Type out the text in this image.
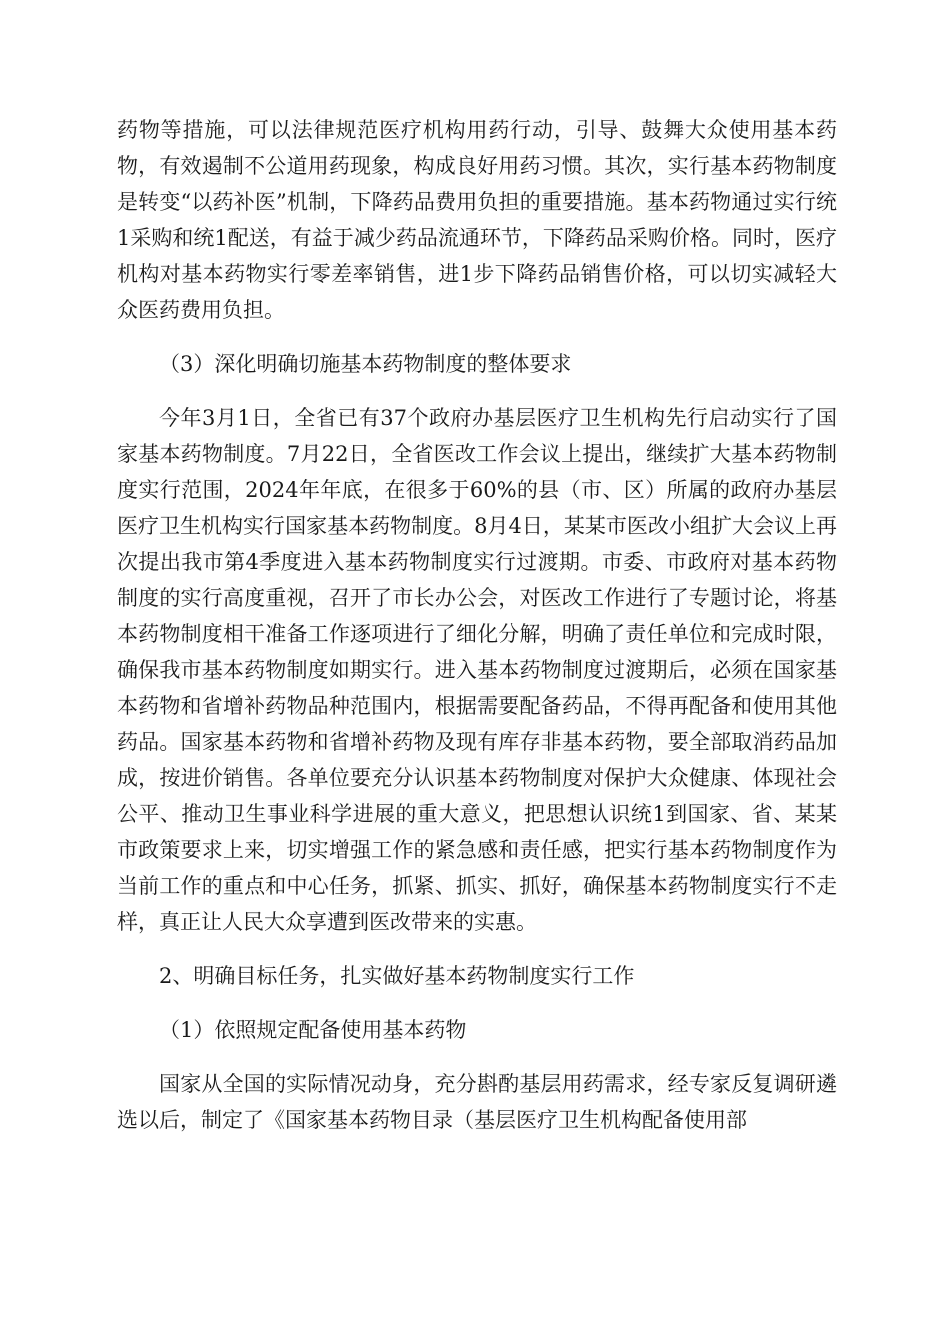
药物等措施，可以法律规范医疗机构用药行动，引导、鼓舞大众使用基本药物，有效遏制不公道用药现象，构成良好用药习惯。其次，实行基本药物制度是转变“以药补医”机制，下降药品费用负担的重要措施。基本药物通过实行统1采购和统1配送，有益于减少药品流通环节，下降药品采购价格。同时，医疗机构对基本药物实行零差率销售，进1步下降药品销售价格，可以切实减轻大众医药费用负担。

（3）深化明确切施基本药物制度的整体要求

今年3月1日，全省已有37个政府办基层医疗卫生机构先行启动实行了国家基本药物制度。7月22日，全省医改工作会议上提出，继续扩大基本药物制度实行范围，2024年年底，在很多于60%的县（市、区）所属的政府办基层医疗卫生机构实行国家基本药物制度。8月4日，某某市医改小组扩大会议上再次提出我市第4季度进入基本药物制度实行过渡期。市委、市政府对基本药物制度的实行高度重视，召开了市长办公会，对医改工作进行了专题讨论，将基本药物制度相干准备工作逐项进行了细化分解，明确了责任单位和完成时限，确保我市基本药物制度如期实行。进入基本药物制度过渡期后，必须在国家基本药物和省增补药物品种范围内，根据需要配备药品，不得再配备和使用其他药品。国家基本药物和省增补药物及现有库存非基本药物，要全部取消药品加成，按进价销售。各单位要充分认识基本药物制度对保护大众健康、体现社会公平、推动卫生事业科学进展的重大意义，把思想认识统1到国家、省、某某市政策要求上来，切实增强工作的紧急感和责任感，把实行基本药物制度作为当前工作的重点和中心任务，抓紧、抓实、抓好，确保基本药物制度实行不走样，真正让人民大众享遭到医改带来的实惠。

2、明确目标任务，扎实做好基本药物制度实行工作

（1）依照规定配备使用基本药物

国家从全国的实际情况动身，充分斟酌基层用药需求，经专家反复调研遴选以后，制定了《国家基本药物目录（基层医疗卫生机构配备使用部
